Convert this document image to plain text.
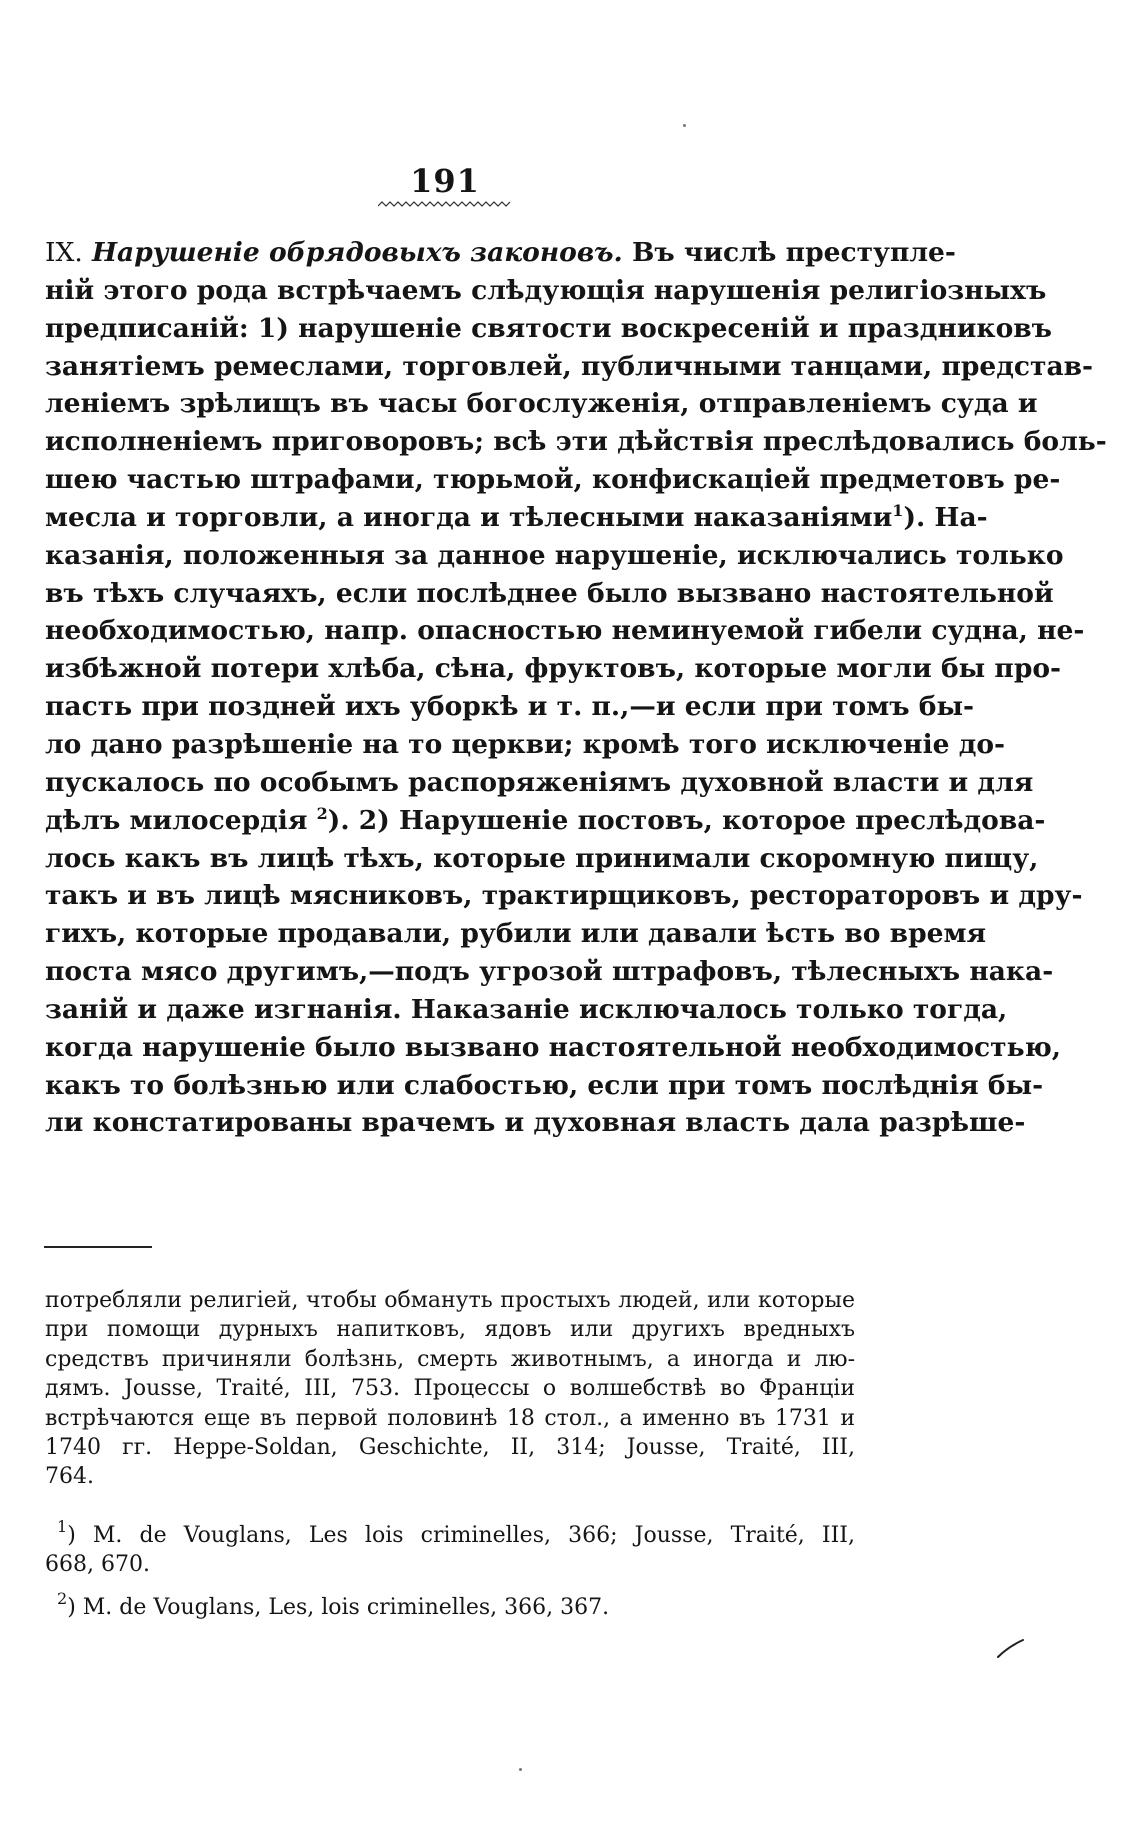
191
IX. Нарушенiе обрядовыхъ законовъ. Въ числѣ преступле-
нiй этого рода встрѣчаемъ слѣдующiя нарушенiя религiозныхъ
предписанiй: 1) нарушенiе святости воскресенiй и праздниковъ
занятiемъ ремеслами, торговлей, публичными танцами, представ-
ленiемъ зрѣлищъ въ часы богослуженiя, отправленiемъ суда и
исполненiемъ приговоровъ; всѣ эти дѣйствiя преслѣдовались боль-
шею частью штрафами, тюрьмой, конфискацiей предметовъ ре-
месла и торговли, а иногда и тѣлесными наказанiями$^1$). На-
казанiя, положенныя за данное нарушенiе, исключались только
въ тѣхъ случаяхъ, если послѣднее было вызвано настоятельной
необходимостью, напр. опасностью неминуемой гибели судна, не-
избѣжной потери хлѣба, сѣна, фруктовъ, которые могли бы про-
пасть при поздней ихъ уборкѣ и т. п.,—и если при томъ бы-
ло дано разрѣшенiе на то церкви; кромѣ того исключенiе до-
пускалось по особымъ распоряженiямъ духовной власти и для
дѣлъ милосердiя $^2$). 2) Нарушенiе постовъ, которое преслѣдова-
лось какъ въ лицѣ тѣхъ, которые принимали скоромную пищу,
такъ и въ лицѣ мясниковъ, трактирщиковъ, рестораторовъ и дру-
гихъ, которые продавали, рубили или давали ѣсть во время
поста мясо другимъ,—подъ угрозой штрафовъ, тѣлесныхъ нака-
занiй и даже изгнанiя. Наказанiе исключалось только тогда,
когда нарушенiе было вызвано настоятельной необходимостью,
какъ то болѣзнью или слабостью, если при томъ послѣднiя бы-
ли констатированы врачемъ и духовная власть дала разрѣше-
потребляли религiей, чтобы обмануть простыхъ людей, или которые
при помощи дурныхъ напитковъ, ядовъ или другихъ вредныхъ
средствъ причиняли болѣзнь, смерть животнымъ, а иногда и лю-
дямъ. Jousse, Traité, III, 753. Процессы о волшебствѣ во Францiи
встрѣчаются еще въ первой половинѣ 18 стол., а именно въ 1731 и
1740 гг. Heppe-Soldan, Geschichte, II, 314; Jousse, Traité, III,
764.
$^1$) M. de Vouglans, Les lois criminelles, 366; Jousse, Traité, III,
668, 670.
$^2$) M. de Vouglans, Les, lois criminelles, 366, 367.
